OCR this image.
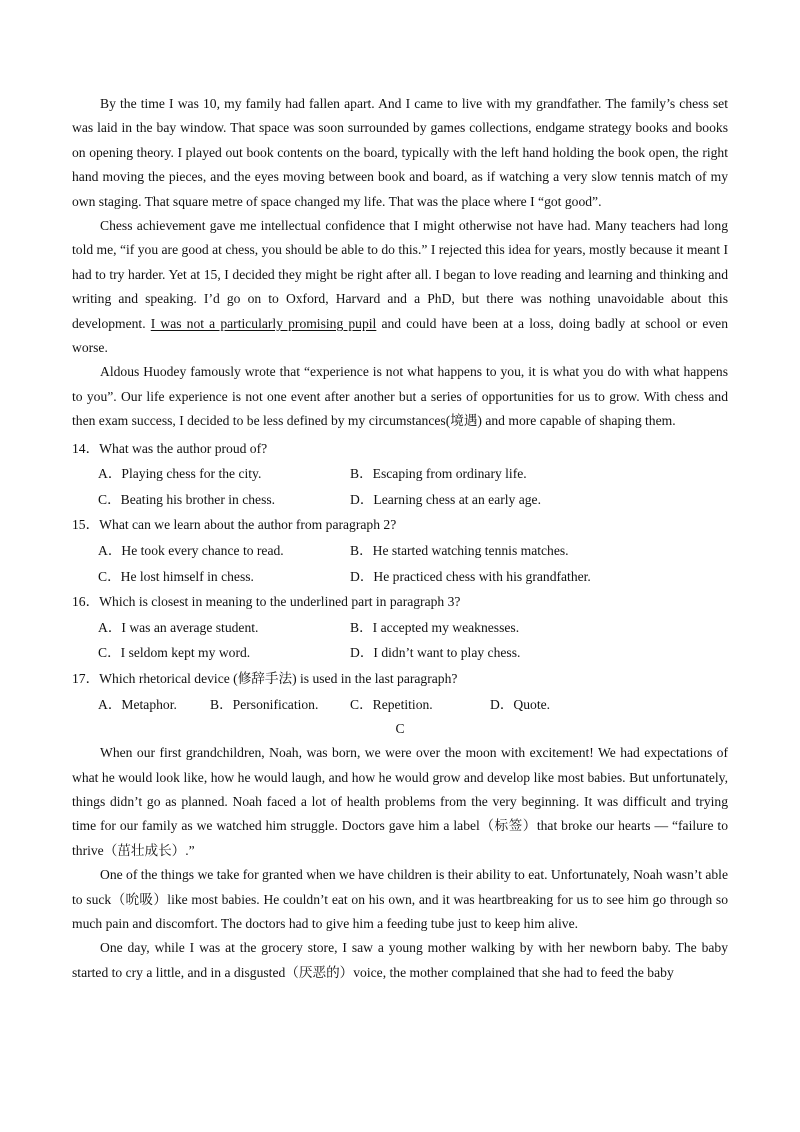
By the time I was 10, my family had fallen apart. And I came to live with my grandfather. The family’s chess set was laid in the bay window. That space was soon surrounded by games collections, endgame strategy books and books on opening theory. I played out book contents on the board, typically with the left hand holding the book open, the right hand moving the pieces, and the eyes moving between book and board, as if watching a very slow tennis match of my own staging. That square metre of space changed my life. That was the place where I “got good”.

Chess achievement gave me intellectual confidence that I might otherwise not have had. Many teachers had long told me, “if you are good at chess, you should be able to do this.” I rejected this idea for years, mostly because it meant I had to try harder. Yet at 15, I decided they might be right after all. I began to love reading and learning and thinking and writing and speaking. I’d go on to Oxford, Harvard and a PhD, but there was nothing unavoidable about this development. I was not a particularly promising pupil and could have been at a loss, doing badly at school or even worse.

Aldous Huodey famously wrote that “experience is not what happens to you, it is what you do with what happens to you”. Our life experience is not one event after another but a series of opportunities for us to grow. With chess and then exam success, I decided to be less defined by my circumstances(境遇) and more capable of shaping them.

14．What was the author proud of?
A．Playing chess for the city.	B．Escaping from ordinary life.
C．Beating his brother in chess.	D．Learning chess at an early age.
15．What can we learn about the author from paragraph 2?
A．He took every chance to read.	B．He started watching tennis matches.
C．He lost himself in chess.	D．He practiced chess with his grandfather.
16．Which is closest in meaning to the underlined part in paragraph 3?
A．I was an average student.	B．I accepted my weaknesses.
C．I seldom kept my word.	D．I didn’t want to play chess.
17．Which rhetorical device (修辞手法) is used in the last paragraph?
A．Metaphor.	B．Personification.	C．Repetition.	D．Quote.
C

When our first grandchildren, Noah, was born, we were over the moon with excitement! We had expectations of what he would look like, how he would laugh, and how he would grow and develop like most babies. But unfortunately, things didn’t go as planned. Noah faced a lot of health problems from the very beginning. It was difficult and trying time for our family as we watched him struggle. Doctors gave him a label（标签）that broke our hearts — “failure to thrive（茁壮成长）.”

One of the things we take for granted when we have children is their ability to eat. Unfortunately, Noah wasn’t able to suck（吮吸）like most babies. He couldn’t eat on his own, and it was heartbreaking for us to see him go through so much pain and discomfort. The doctors had to give him a feeding tube just to keep him alive.

One day, while I was at the grocery store, I saw a young mother walking by with her newborn baby. The baby started to cry a little, and in a disgusted（厌恶的）voice, the mother complained that she had to feed the baby
